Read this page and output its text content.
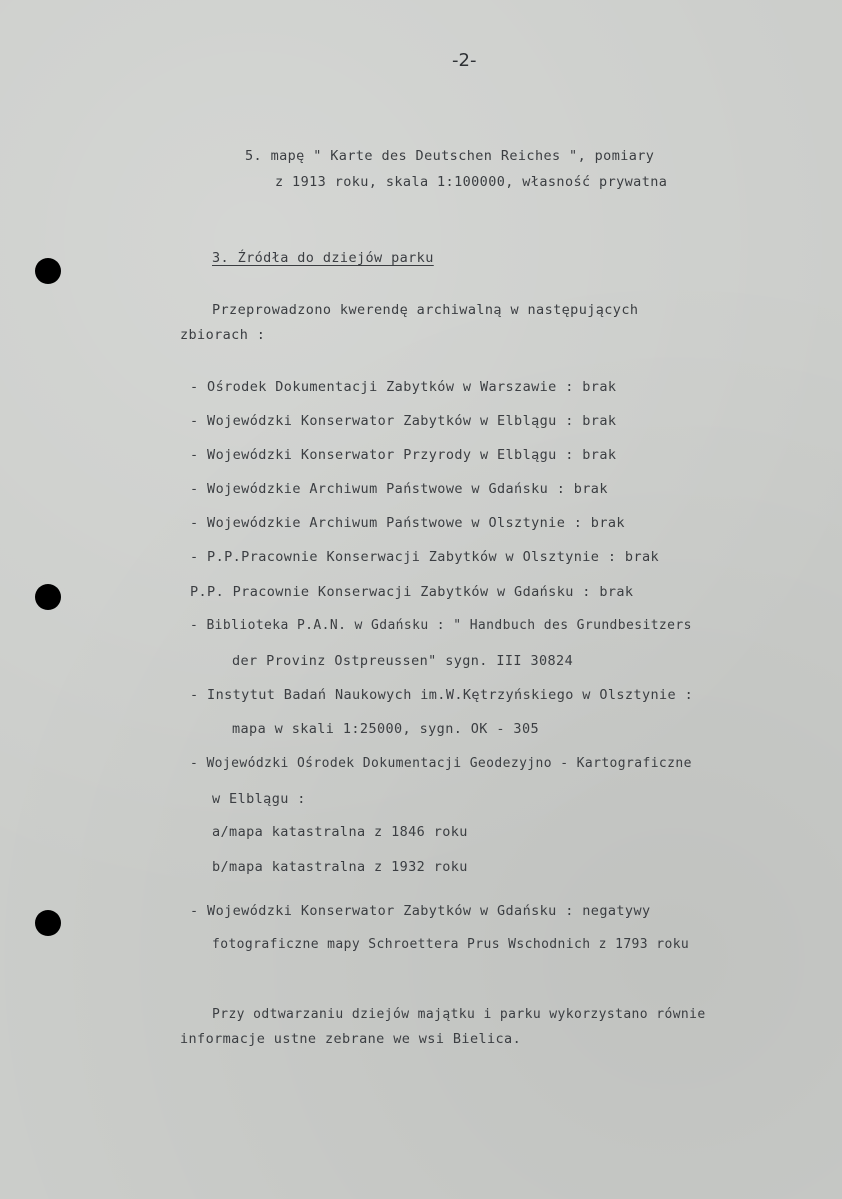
-2-
5. mapę " Karte des Deutschen Reiches ", pomiary
z 1913 roku, skala 1:100000, własność prywatna
3. Źródła do dziejów parku
Przeprowadzono kwerendę archiwalną w następujących
zbiorach :
- Ośrodek Dokumentacji Zabytków w Warszawie : brak
- Wojewódzki Konserwator Zabytków w Elblągu : brak
- Wojewódzki Konserwator Przyrody w Elblągu : brak
- Wojewódzkie Archiwum Państwowe w Gdańsku : brak
- Wojewódzkie Archiwum Państwowe w Olsztynie : brak
- P.P.Pracownie Konserwacji Zabytków w Olsztynie : brak
P.P. Pracownie Konserwacji Zabytków w Gdańsku : brak
- Biblioteka P.A.N. w Gdańsku : " Handbuch des Grundbesitzers
der Provinz Ostpreussen" sygn. III 30824
- Instytut Badań Naukowych im.W.Kętrzyńskiego w Olsztynie :
mapa w skali 1:25000, sygn. OK - 305
- Wojewódzki Ośrodek Dokumentacji Geodezyjno - Kartograficzne
w Elblągu :
a/mapa katastralna z 1846 roku
b/mapa katastralna z 1932 roku
- Wojewódzki Konserwator Zabytków w Gdańsku : negatywy
fotograficzne mapy Schroettera Prus Wschodnich z 1793 roku
Przy odtwarzaniu dziejów majątku i parku wykorzystano równie
informacje ustne zebrane we wsi Bielica.
